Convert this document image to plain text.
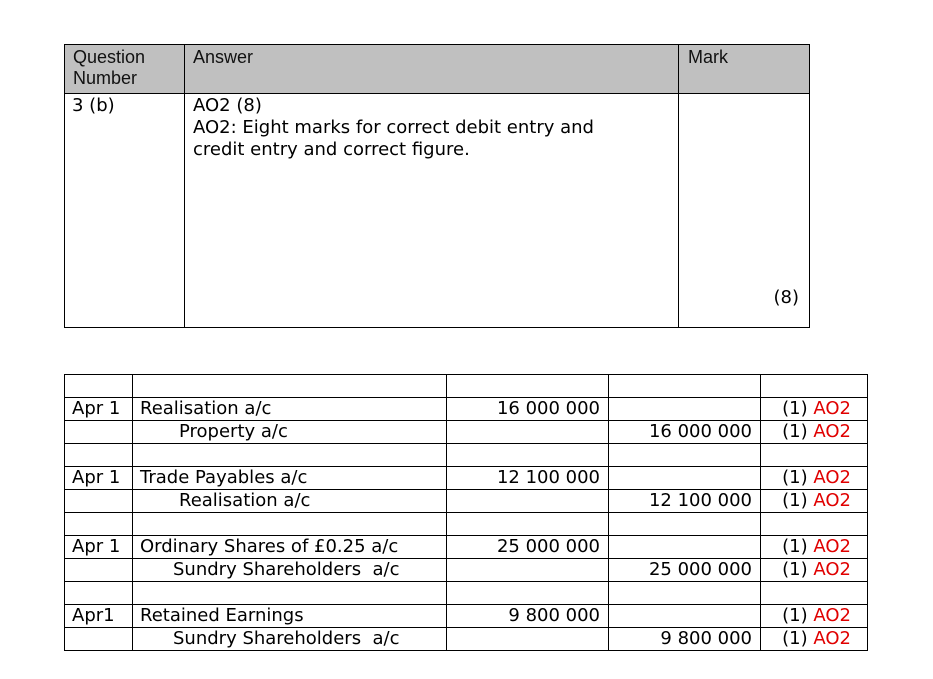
Question
Number	Answer	Mark
3 (b)	AO2 (8)
AO2: Eight marks for correct debit entry and
credit entry and correct figure.	(8)

Apr 1	Realisation a/c	16 000 000		(1) AO2
	Property a/c		16 000 000	(1) AO2

Apr 1	Trade Payables a/c	12 100 000		(1) AO2
	Realisation a/c		12 100 000	(1) AO2

Apr 1	Ordinary Shares of £0.25 a/c	25 000 000		(1) AO2
	Sundry Shareholders  a/c		25 000 000	(1) AO2

Apr1	Retained Earnings	9 800 000		(1) AO2
	Sundry Shareholders  a/c		9 800 000	(1) AO2
